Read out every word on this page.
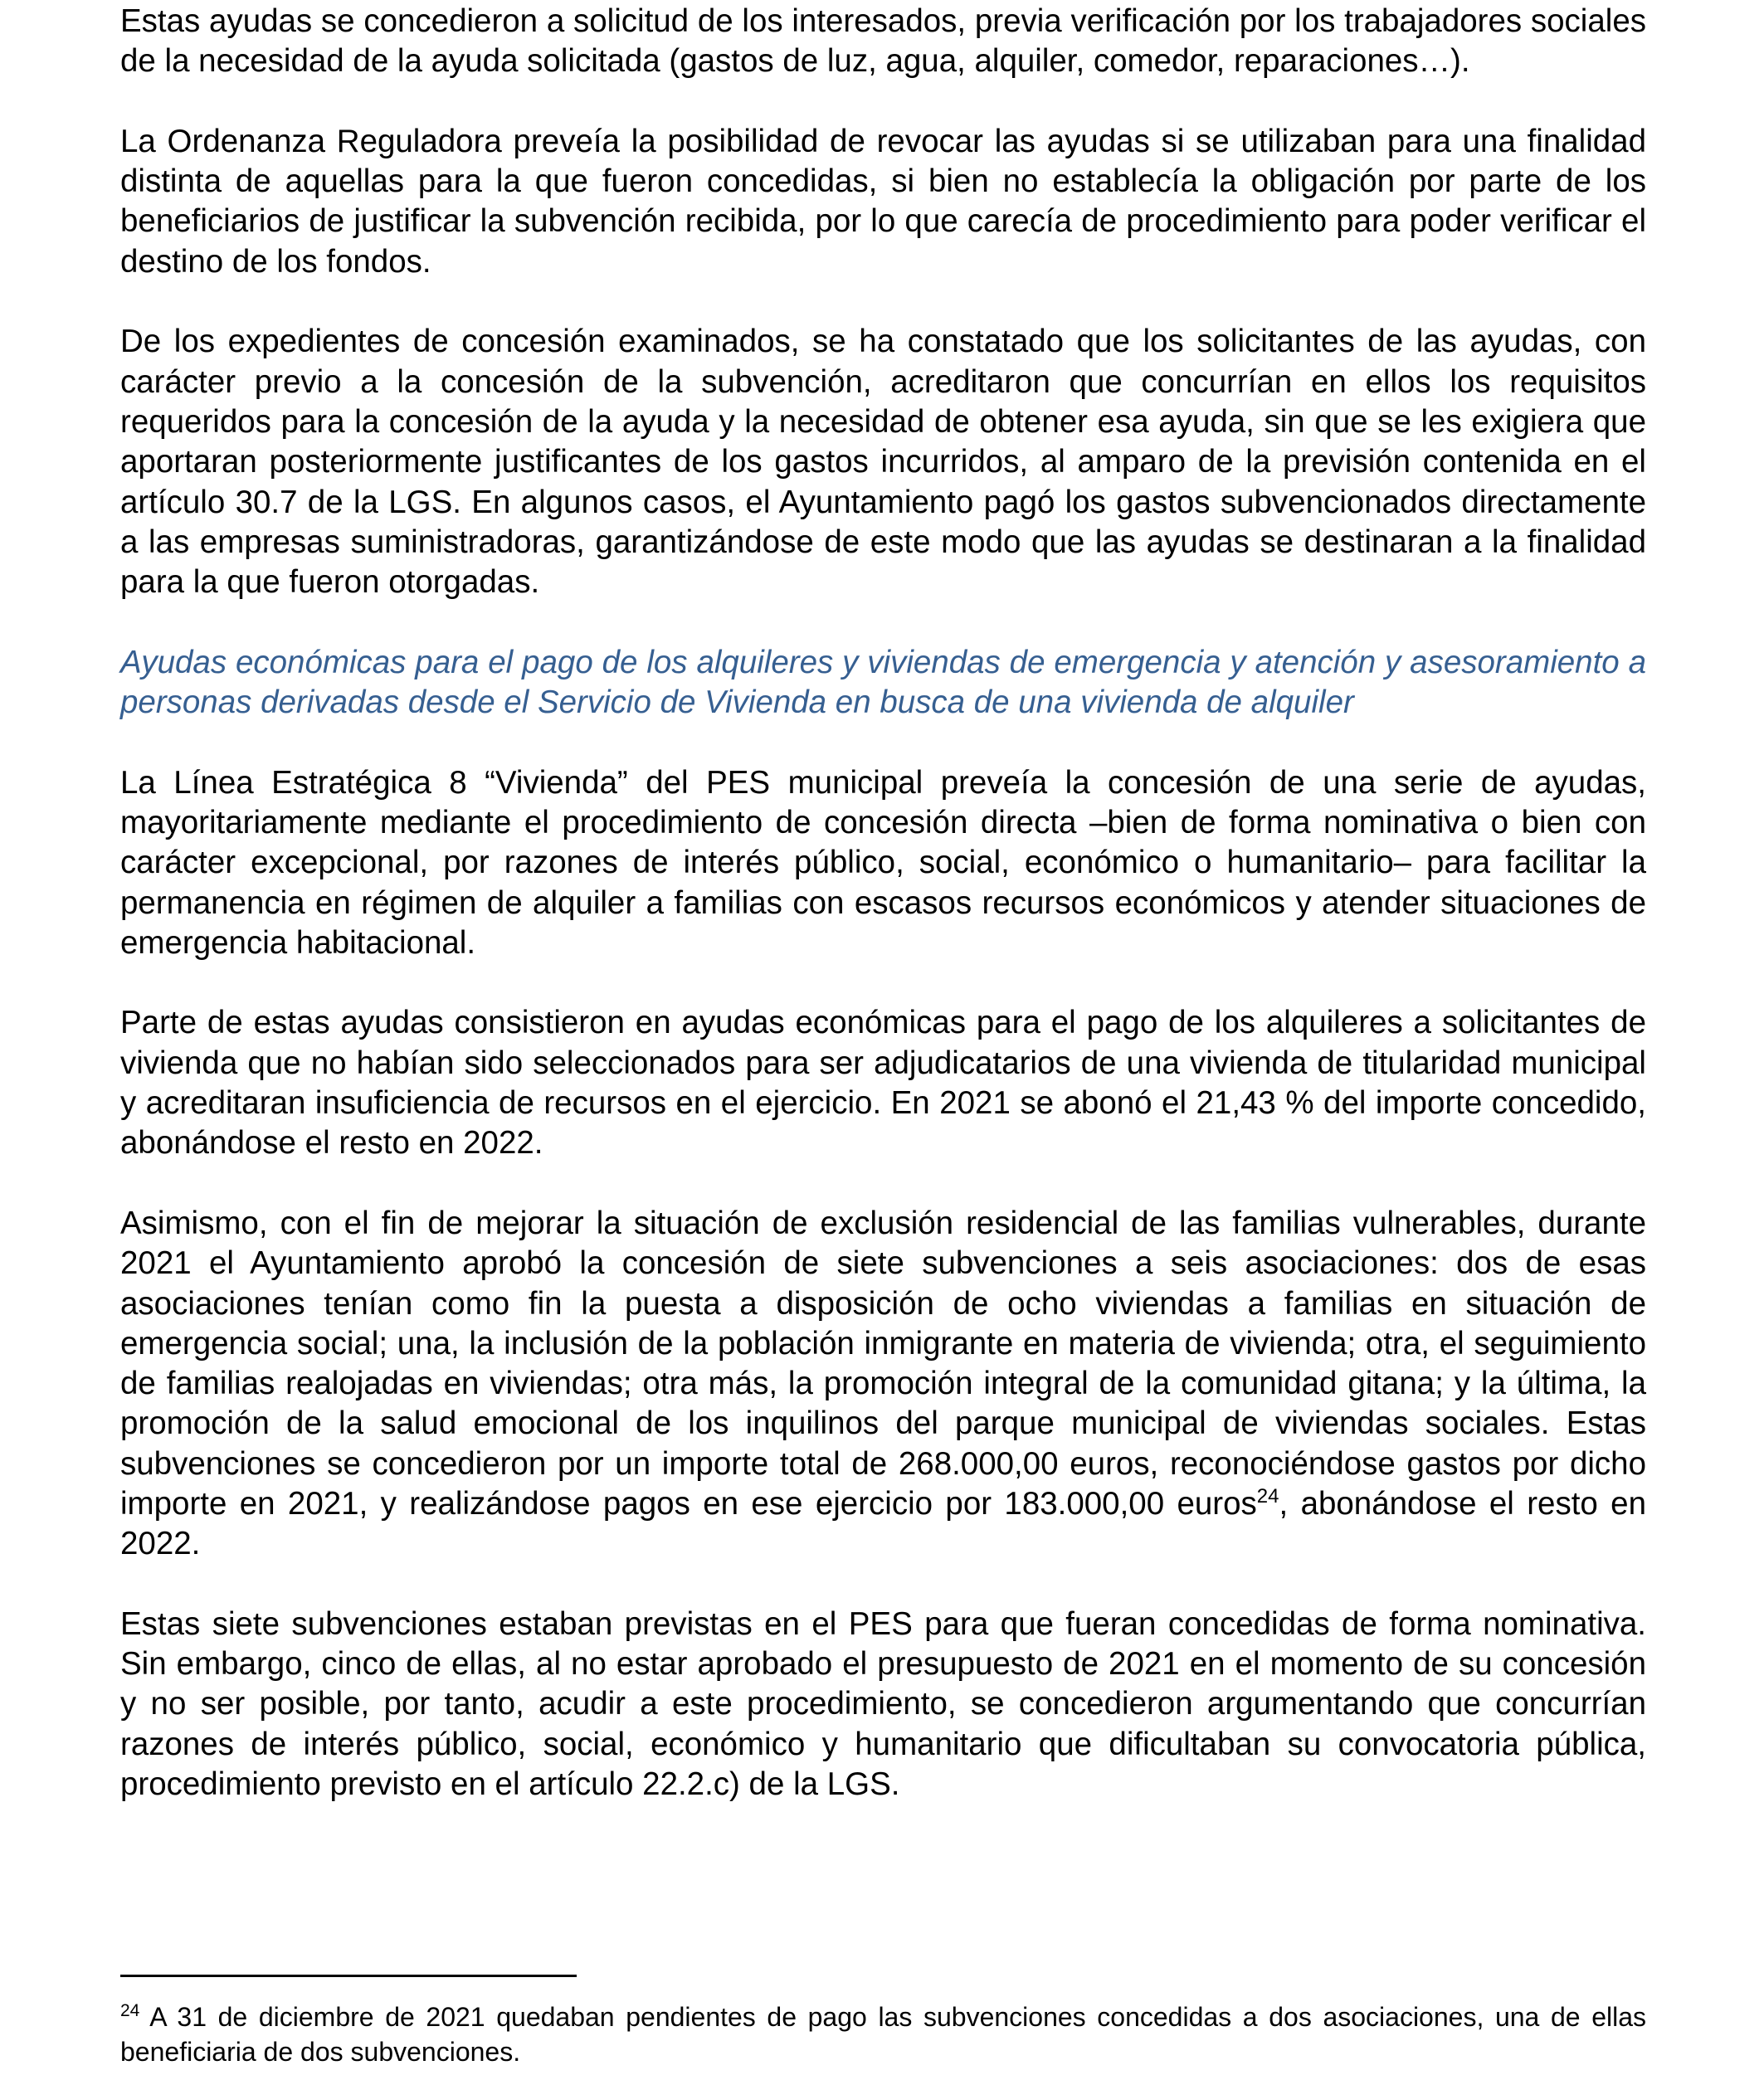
Estas ayudas se concedieron a solicitud de los interesados, previa verificación por los trabajadores sociales de la necesidad de la ayuda solicitada (gastos de luz, agua, alquiler, comedor, reparaciones…).

La Ordenanza Reguladora preveía la posibilidad de revocar las ayudas si se utilizaban para una finalidad distinta de aquellas para la que fueron concedidas, si bien no establecía la obligación por parte de los beneficiarios de justificar la subvención recibida, por lo que carecía de procedimiento para poder verificar el destino de los fondos.

De los expedientes de concesión examinados, se ha constatado que los solicitantes de las ayudas, con carácter previo a la concesión de la subvención, acreditaron que concurrían en ellos los requisitos requeridos para la concesión de la ayuda y la necesidad de obtener esa ayuda, sin que se les exigiera que aportaran posteriormente justificantes de los gastos incurridos, al amparo de la previsión contenida en el artículo 30.7 de la LGS. En algunos casos, el Ayuntamiento pagó los gastos subvencionados directamente a las empresas suministradoras, garantizándose de este modo que las ayudas se destinaran a la finalidad para la que fueron otorgadas.

Ayudas económicas para el pago de los alquileres y viviendas de emergencia y atención y asesoramiento a personas derivadas desde el Servicio de Vivienda en busca de una vivienda de alquiler

La Línea Estratégica 8 “Vivienda” del PES municipal preveía la concesión de una serie de ayudas, mayoritariamente mediante el procedimiento de concesión directa –bien de forma nominativa o bien con carácter excepcional, por razones de interés público, social, económico o humanitario– para facilitar la permanencia en régimen de alquiler a familias con escasos recursos económicos y atender situaciones de emergencia habitacional.

Parte de estas ayudas consistieron en ayudas económicas para el pago de los alquileres a solicitantes de vivienda que no habían sido seleccionados para ser adjudicatarios de una vivienda de titularidad municipal y acreditaran insuficiencia de recursos en el ejercicio. En 2021 se abonó el 21,43 % del importe concedido, abonándose el resto en 2022.

Asimismo, con el fin de mejorar la situación de exclusión residencial de las familias vulnerables, durante 2021 el Ayuntamiento aprobó la concesión de siete subvenciones a seis asociaciones: dos de esas asociaciones tenían como fin la puesta a disposición de ocho viviendas a familias en situación de emergencia social; una, la inclusión de la población inmigrante en materia de vivienda; otra, el seguimiento de familias realojadas en viviendas; otra más, la promoción integral de la comunidad gitana; y la última, la promoción de la salud emocional de los inquilinos del parque municipal de viviendas sociales. Estas subvenciones se concedieron por un importe total de 268.000,00 euros, reconociéndose gastos por dicho importe en 2021, y realizándose pagos en ese ejercicio por 183.000,00 euros$^{24}$, abonándose el resto en 2022.

Estas siete subvenciones estaban previstas en el PES para que fueran concedidas de forma nominativa. Sin embargo, cinco de ellas, al no estar aprobado el presupuesto de 2021 en el momento de su concesión y no ser posible, por tanto, acudir a este procedimiento, se concedieron argumentando que concurrían razones de interés público, social, económico y humanitario que dificultaban su convocatoria pública, procedimiento previsto en el artículo 22.2.c) de la LGS.

$^{24}$ A 31 de diciembre de 2021 quedaban pendientes de pago las subvenciones concedidas a dos asociaciones, una de ellas beneficiaria de dos subvenciones.
